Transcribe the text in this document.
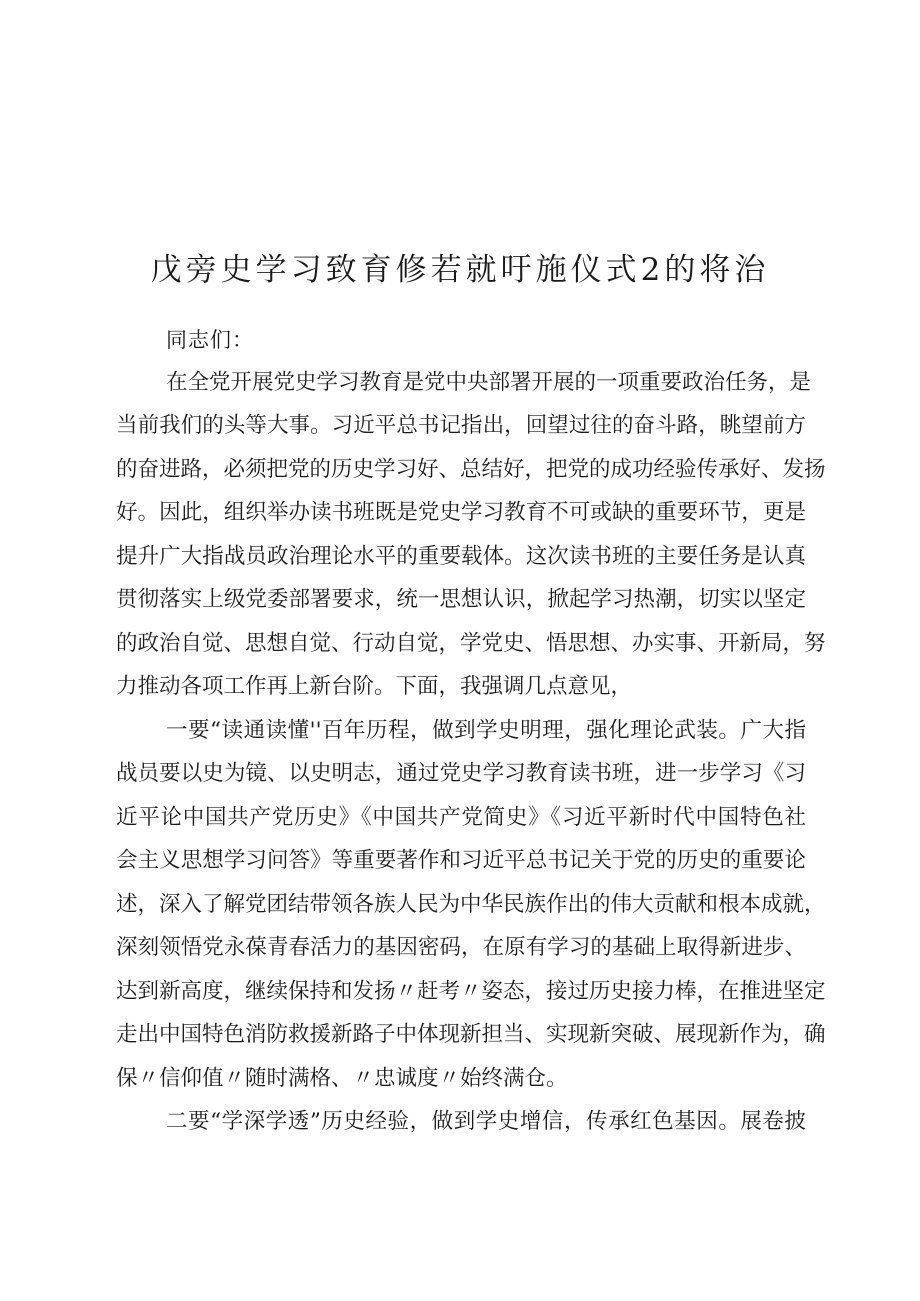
戊旁史学习致育修若就吁施仪式2的将治

同志们：

在全党开展党史学习教育是党中央部署开展的一项重要政治任务，是

当前我们的头等大事。习近平总书记指出，回望过往的奋斗路，眺望前方

的奋进路，必须把党的历史学习好、总结好，把党的成功经验传承好、发扬

好。因此，组织举办读书班既是党史学习教育不可或缺的重要环节，更是

提升广大指战员政治理论水平的重要载体。这次读书班的主要任务是认真

贯彻落实上级党委部署要求，统一思想认识，掀起学习热潮，切实以坚定

的政治自觉、思想自觉、行动自觉，学党史、悟思想、办实事、开新局，努

力推动各项工作再上新台阶。下面，我强调几点意见，

一要“读通读懂''百年历程，做到学史明理，强化理论武装。广大指

战员要以史为镜、以史明志，通过党史学习教育读书班，进一步学习《习

近平论中国共产党历史》《中国共产党简史》《习近平新时代中国特色社

会主义思想学习问答》等重要著作和习近平总书记关于党的历史的重要论

述，深入了解党团结带领各族人民为中华民族作出的伟大贡献和根本成就，

深刻领悟党永葆青春活力的基因密码，在原有学习的基础上取得新进步、

达到新高度，继续保持和发扬〃赶考〃姿态，接过历史接力棒，在推进坚定

走出中国特色消防救援新路子中体现新担当、实现新突破、展现新作为，确

保〃信仰值〃随时满格、〃忠诚度〃始终满仓。

二要“学深学透”历史经验，做到学史增信，传承红色基因。展卷披
